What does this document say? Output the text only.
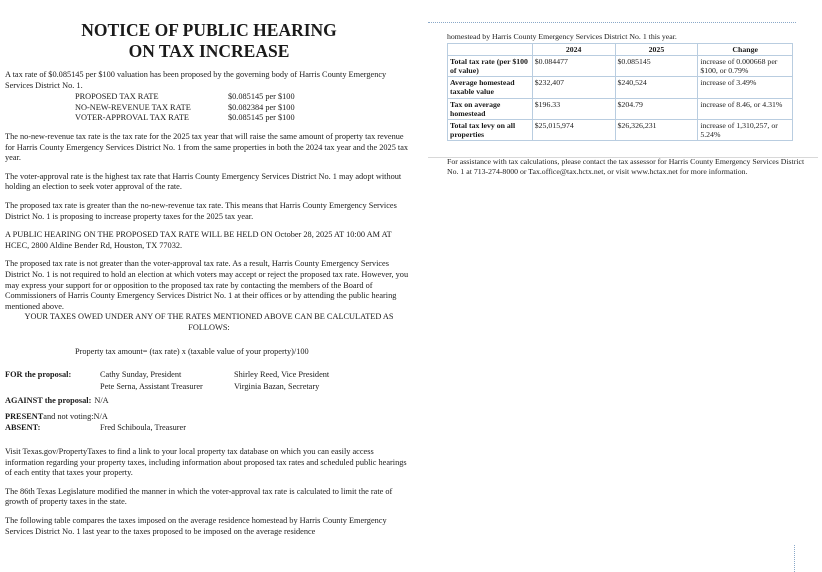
NOTICE OF PUBLIC HEARING
ON TAX INCREASE

A tax rate of $0.085145 per $100 valuation has been proposed by the governing body of Harris County Emergency Services District No. 1.

PROPOSED TAX RATE	$0.085145 per $100
NO-NEW-REVENUE TAX RATE	$0.082384 per $100
VOTER-APPROVAL TAX RATE	$0.085145 per $100

The no-new-revenue tax rate is the tax rate for the 2025 tax year that will raise the same amount of property tax revenue for Harris County Emergency Services District No. 1 from the same properties in both the 2024 tax year and the 2025 tax year.

The voter-approval rate is the highest tax rate that Harris County Emergency Services District No. 1 may adopt without holding an election to seek voter approval of the rate.

The proposed tax rate is greater than the no-new-revenue tax rate. This means that Harris County Emergency Services District No. 1 is proposing to increase property taxes for the 2025 tax year.

A PUBLIC HEARING ON THE PROPOSED TAX RATE WILL BE HELD ON October 28, 2025 AT 10:00 AM AT HCEC, 2800 Aldine Bender Rd, Houston, TX 77032.

The proposed tax rate is not greater than the voter-approval tax rate. As a result, Harris County Emergency Services District No. 1 is not required to hold an election at which voters may accept or reject the proposed tax rate. However, you may express your support for or opposition to the proposed tax rate by contacting the members of the Board of Commissioners of Harris County Emergency Services District No. 1 at their offices or by attending the public hearing mentioned above.

YOUR TAXES OWED UNDER ANY OF THE RATES MENTIONED ABOVE CAN BE CALCULATED AS FOLLOWS:

Property tax amount= (tax rate) x (taxable value of your property)/100

FOR the proposal:	Cathy Sunday, President	Shirley Reed, Vice President
Pete Serna, Assistant Treasurer	Virginia Bazan, Secretary
AGAINST the proposal: N/A
PRESENT and not voting: N/A
ABSENT:	Fred Schiboula, Treasurer

Visit Texas.gov/PropertyTaxes to find a link to your local property tax database on which you can easily access information regarding your property taxes, including information about proposed tax rates and scheduled public hearings of each entity that taxes your property.

The 86th Texas Legislature modified the manner in which the voter-approval tax rate is calculated to limit the rate of growth of property taxes in the state.

The following table compares the taxes imposed on the average residence homestead by Harris County Emergency Services District No. 1 last year to the taxes proposed to be imposed on the average residence

homestead by Harris County Emergency Services District No. 1 this year.

	2024	2025	Change
Total tax rate (per $100 of value)	$0.084477	$0.085145	increase of 0.000668 per $100, or 0.79%
Average homestead taxable value	$232,407	$240,524	increase of 3.49%
Tax on average homestead	$196.33	$204.79	increase of 8.46, or 4.31%
Total tax levy on all properties	$25,015,974	$26,326,231	increase of 1,310,257, or 5.24%

For assistance with tax calculations, please contact the tax assessor for Harris County Emergency Services District No. 1 at 713-274-8000 or Tax.office@tax.hctx.net, or visit www.hctax.net for more information.
